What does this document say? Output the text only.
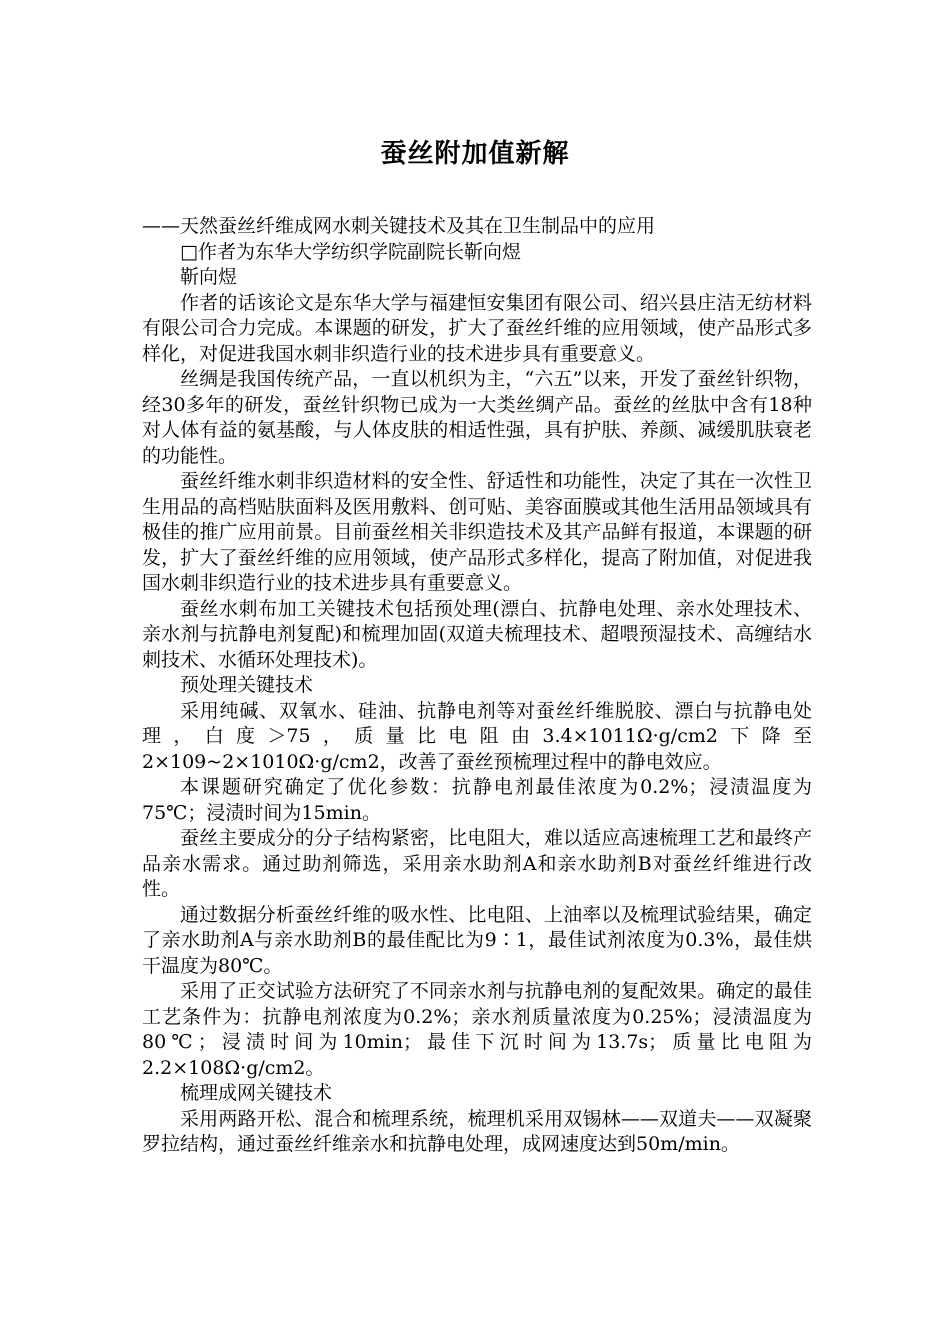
蚕丝附加值新解

——天然蚕丝纤维成网水刺关键技术及其在卫生制品中的应用

□作者为东华大学纺织学院副院长靳向煜

靳向煜

作者的话该论文是东华大学与福建恒安集团有限公司、绍兴县庄洁无纺材料有限公司合力完成。本课题的研发，扩大了蚕丝纤维的应用领域，使产品形式多样化，对促进我国水刺非织造行业的技术进步具有重要意义。

丝绸是我国传统产品，一直以机织为主，“六五”以来，开发了蚕丝针织物，经30多年的研发，蚕丝针织物已成为一大类丝绸产品。蚕丝的丝肽中含有18种对人体有益的氨基酸，与人体皮肤的相适性强，具有护肤、养颜、减缓肌肤衰老的功能性。

蚕丝纤维水刺非织造材料的安全性、舒适性和功能性，决定了其在一次性卫生用品的高档贴肤面料及医用敷料、创可贴、美容面膜或其他生活用品领域具有极佳的推广应用前景。目前蚕丝相关非织造技术及其产品鲜有报道，本课题的研发，扩大了蚕丝纤维的应用领域，使产品形式多样化，提高了附加值，对促进我国水刺非织造行业的技术进步具有重要意义。

蚕丝水刺布加工关键技术包括预处理(漂白、抗静电处理、亲水处理技术、亲水剂与抗静电剂复配)和梳理加固(双道夫梳理技术、超喂预湿技术、高缠结水刺技术、水循环处理技术)。

预处理关键技术

采用纯碱、双氧水、硅油、抗静电剂等对蚕丝纤维脱胶、漂白与抗静电处理，白度＞75，质量比电阻由3.4×1011Ω·g/cm2下降至2×109~2×1010Ω·g/cm2，改善了蚕丝预梳理过程中的静电效应。

本课题研究确定了优化参数：抗静电剂最佳浓度为0.2%；浸渍温度为75℃；浸渍时间为15min。

蚕丝主要成分的分子结构紧密，比电阻大，难以适应高速梳理工艺和最终产品亲水需求。通过助剂筛选，采用亲水助剂A和亲水助剂B对蚕丝纤维进行改性。

通过数据分析蚕丝纤维的吸水性、比电阻、上油率以及梳理试验结果，确定了亲水助剂A与亲水助剂B的最佳配比为9∶1，最佳试剂浓度为0.3%，最佳烘干温度为80℃。

采用了正交试验方法研究了不同亲水剂与抗静电剂的复配效果。确定的最佳工艺条件为：抗静电剂浓度为0.2%；亲水剂质量浓度为0.25%；浸渍温度为80℃；浸渍时间为10min；最佳下沉时间为13.7s；质量比电阻为2.2×108Ω·g/cm2。

梳理成网关键技术

采用两路开松、混合和梳理系统，梳理机采用双锡林——双道夫——双凝聚罗拉结构，通过蚕丝纤维亲水和抗静电处理，成网速度达到50m/min。
